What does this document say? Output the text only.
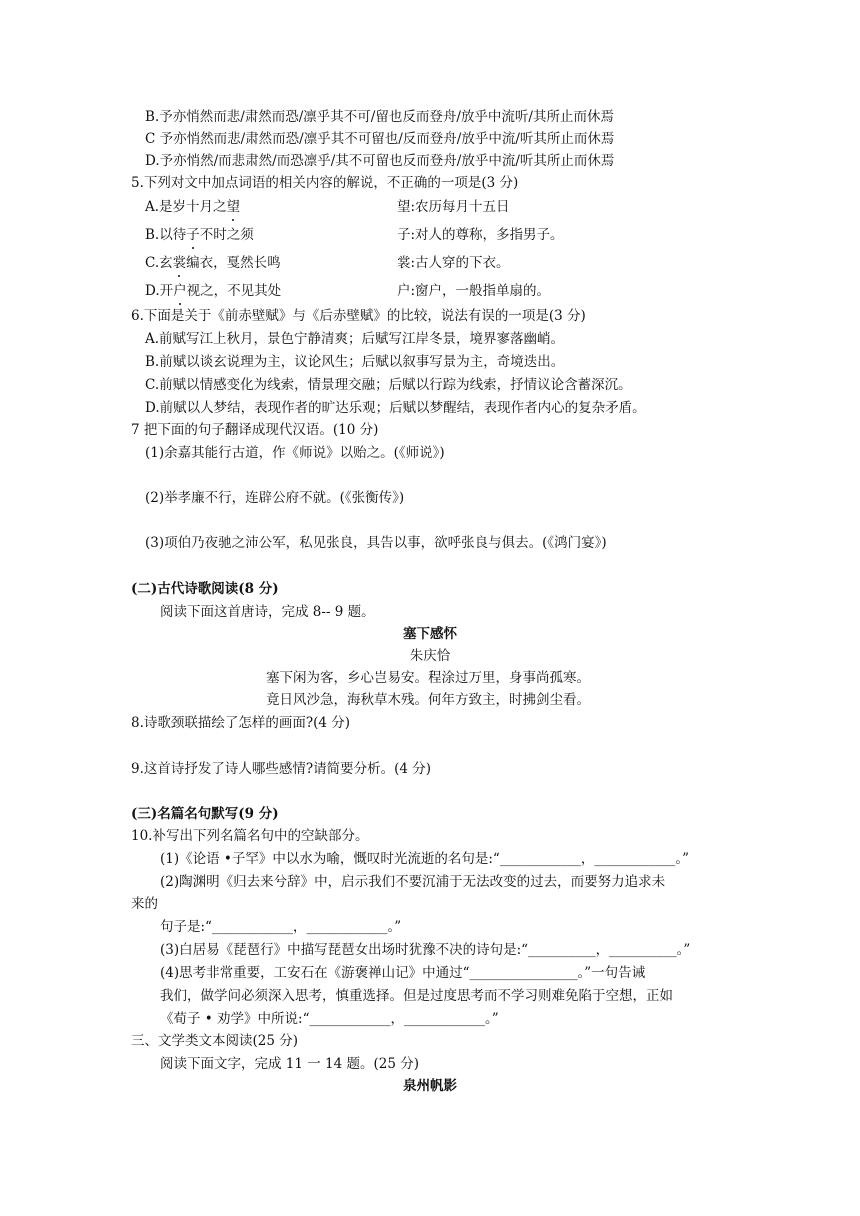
B.予亦悄然而悲/肃然而恐/凛乎其不可/留也反而登舟/放乎中流听/其所止而休焉
C 予亦悄然而悲/肃然而恐/凛乎其不可留也/反而登舟/放乎中流/听其所止而休焉
D.予亦悄然/而悲肃然/而恐凛乎/其不可留也反而登舟/放乎中流/听其所止而休焉
5.下列对文中加点词语的相关内容的解说，不正确的一项是(3 分)
A.是岁十月之望	望:农历每月十五日
B.以待子不时之须	子:对人的尊称，多指男子。
C.玄裳编衣，戛然长鸣	裳:古人穿的下衣。
D.开户视之，不见其处	户:窗户，一般指单扇的。
6.下面是关于《前赤壁赋》与《后赤壁赋》的比较，说法有误的一项是(3 分)
A.前赋写江上秋月，景色宁静清爽；后赋写江岸冬景，境界寥落幽峭。
B.前赋以谈玄说理为主，议论风生；后赋以叙事写景为主，奇境迭出。
C.前赋以情感变化为线索，情景理交融；后赋以行踪为线索，抒情议论含蓄深沉。
D.前赋以人梦结，表现作者的旷达乐观；后赋以梦醒结，表现作者内心的复杂矛盾。
7 把下面的句子翻译成现代汉语。(10 分)
(1)余嘉其能行古道，作《师说》以贻之。(《师说》)
(2)举孝廉不行，连辟公府不就。(《张衡传》)
(3)项伯乃夜驰之沛公军，私见张良，具告以事，欲呼张良与俱去。(《鸿门宴》)
(二)古代诗歌阅读(8 分)
阅读下面这首唐诗，完成 8-- 9 题。
塞下感怀
朱庆恰
塞下闲为客，乡心岂易安。程涂过万里，身事尚孤寒。
竟日风沙急，海秋草木残。何年方致主，时拂剑尘看。
8.诗歌颈联描绘了怎样的画面?(4 分)
9.这首诗抒发了诗人哪些感情?请简要分析。(4 分)
(三)名篇名句默写(9 分)
10.补写出下列名篇名句中的空缺部分。
(1)《论语 •子罕》中以水为喻，慨叹时光流逝的名句是:“____________，____________。”
(2)陶渊明《归去来兮辞》中，启示我们不要沉浦于无法改变的过去，而要努力追求未
来的
句子是:“____________，____________。”
(3)白居易《琵琶行》中描写琵琶女出场时犹豫不决的诗句是:“__________，__________。”
(4)思考非常重要，工安石在《游褒禅山记》中通过“________________。”一句告诫
我们，做学问必须深入思考，慎重选择。但是过度思考而不学习则难免陷于空想，正如
《荀子 • 劝学》中所说:“____________，____________。”
三、文学类文本阅读(25 分)
阅读下面文字，完成 11 一 14 题。(25 分)
泉州帆影
